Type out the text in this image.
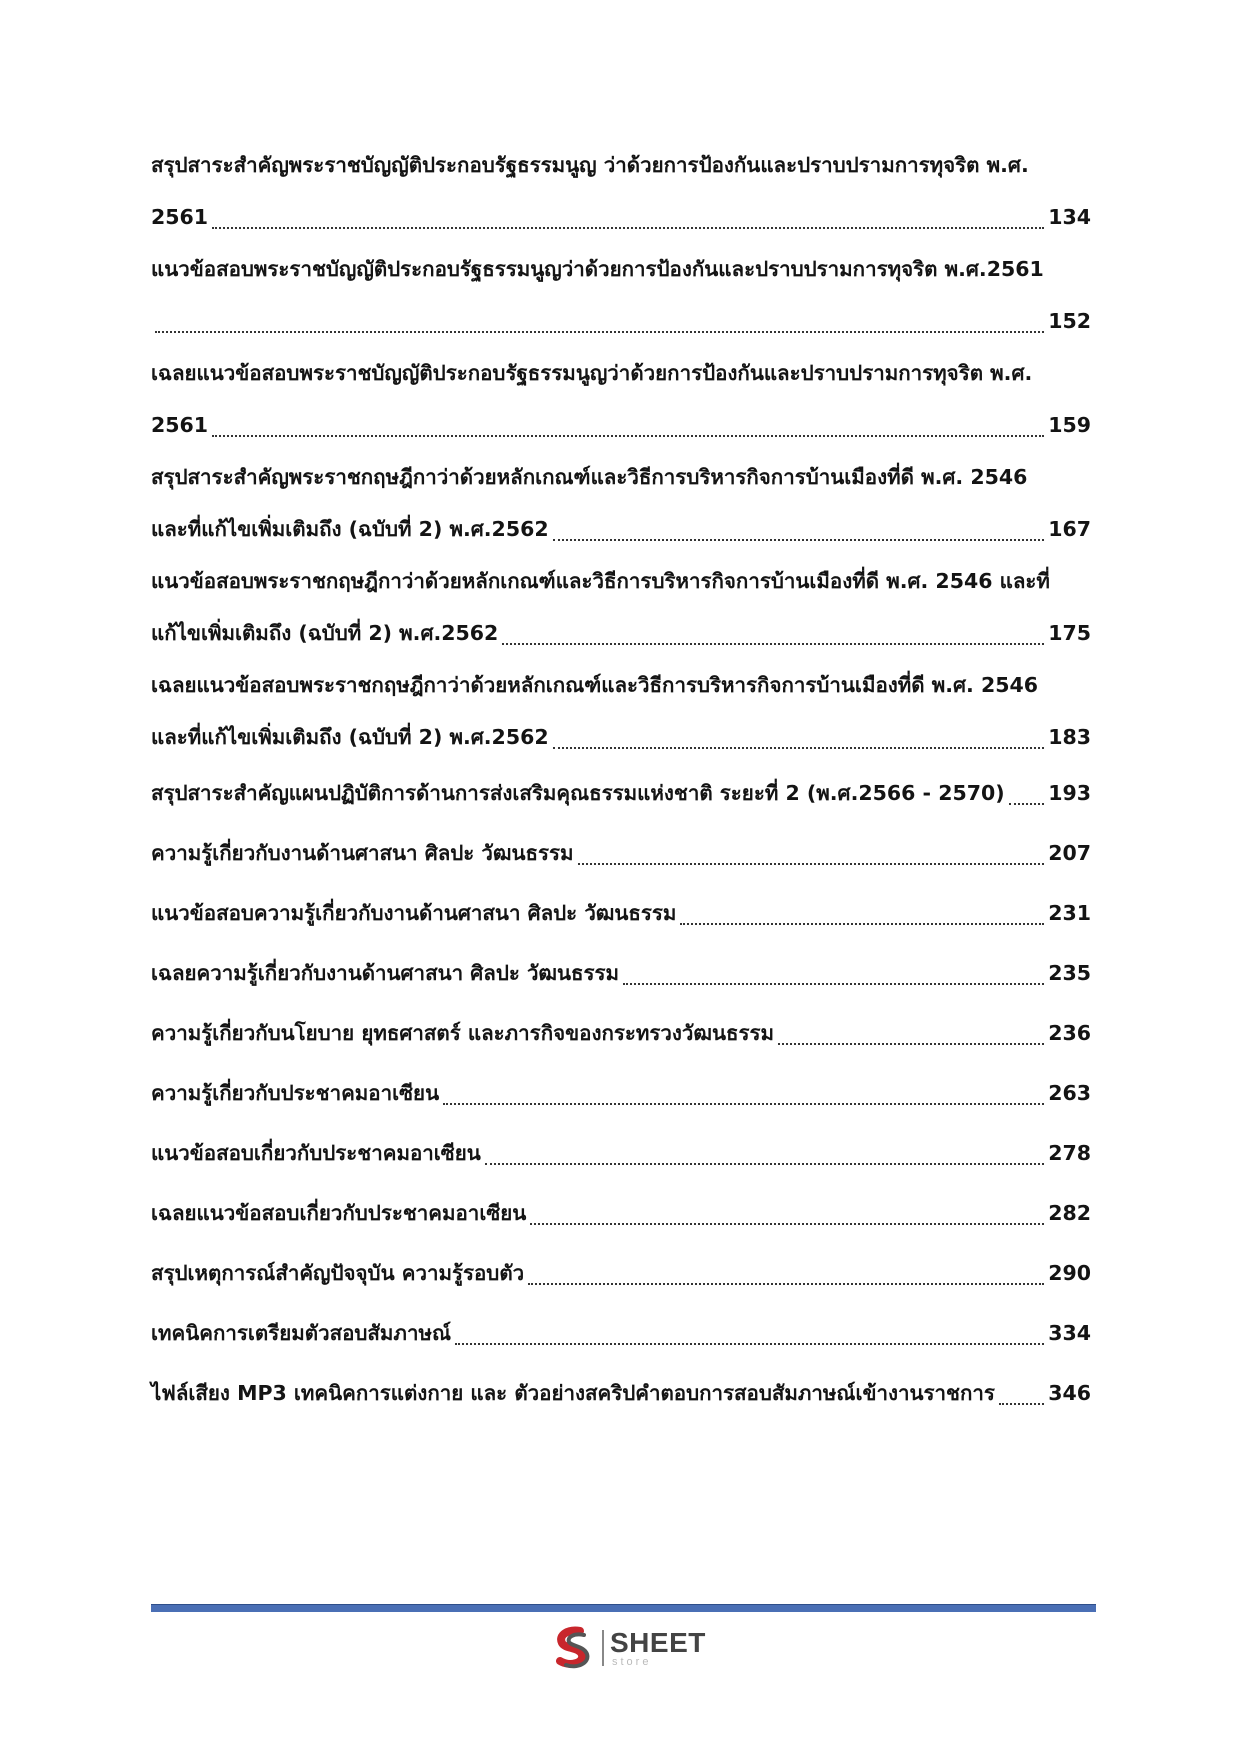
สรุปสาระสำคัญพระราชบัญญัติประกอบรัฐธรรมนูญ ว่าด้วยการป้องกันและปราบปรามการทุจริต พ.ศ.
2561	134
แนวข้อสอบพระราชบัญญัติประกอบรัฐธรรมนูญว่าด้วยการป้องกันและปราบปรามการทุจริต พ.ศ.2561
152
เฉลยแนวข้อสอบพระราชบัญญัติประกอบรัฐธรรมนูญว่าด้วยการป้องกันและปราบปรามการทุจริต พ.ศ.
2561	159
สรุปสาระสำคัญพระราชกฤษฎีกาว่าด้วยหลักเกณฑ์และวิธีการบริหารกิจการบ้านเมืองที่ดี พ.ศ. 2546
และที่แก้ไขเพิ่มเติมถึง (ฉบับที่ 2) พ.ศ.2562	167
แนวข้อสอบพระราชกฤษฎีกาว่าด้วยหลักเกณฑ์และวิธีการบริหารกิจการบ้านเมืองที่ดี พ.ศ. 2546 และที่
แก้ไขเพิ่มเติมถึง (ฉบับที่ 2) พ.ศ.2562	175
เฉลยแนวข้อสอบพระราชกฤษฎีกาว่าด้วยหลักเกณฑ์และวิธีการบริหารกิจการบ้านเมืองที่ดี พ.ศ. 2546
และที่แก้ไขเพิ่มเติมถึง (ฉบับที่ 2) พ.ศ.2562	183
สรุปสาระสำคัญแผนปฏิบัติการด้านการส่งเสริมคุณธรรมแห่งชาติ ระยะที่ 2 (พ.ศ.2566 - 2570) 193
ความรู้เกี่ยวกับงานด้านศาสนา ศิลปะ วัฒนธรรม	207
แนวข้อสอบความรู้เกี่ยวกับงานด้านศาสนา ศิลปะ วัฒนธรรม	231
เฉลยความรู้เกี่ยวกับงานด้านศาสนา ศิลปะ วัฒนธรรม	235
ความรู้เกี่ยวกับนโยบาย ยุทธศาสตร์ และภารกิจของกระทรวงวัฒนธรรม	236
ความรู้เกี่ยวกับประชาคมอาเซียน	263
แนวข้อสอบเกี่ยวกับประชาคมอาเซียน	278
เฉลยแนวข้อสอบเกี่ยวกับประชาคมอาเซียน	282
สรุปเหตุการณ์สำคัญปัจจุบัน ความรู้รอบตัว	290
เทคนิคการเตรียมตัวสอบสัมภาษณ์	334
ไฟล์เสียง MP3 เทคนิคการแต่งกาย และ ตัวอย่างสคริปคำตอบการสอบสัมภาษณ์เข้างานราชการ	346
SHEET
store
